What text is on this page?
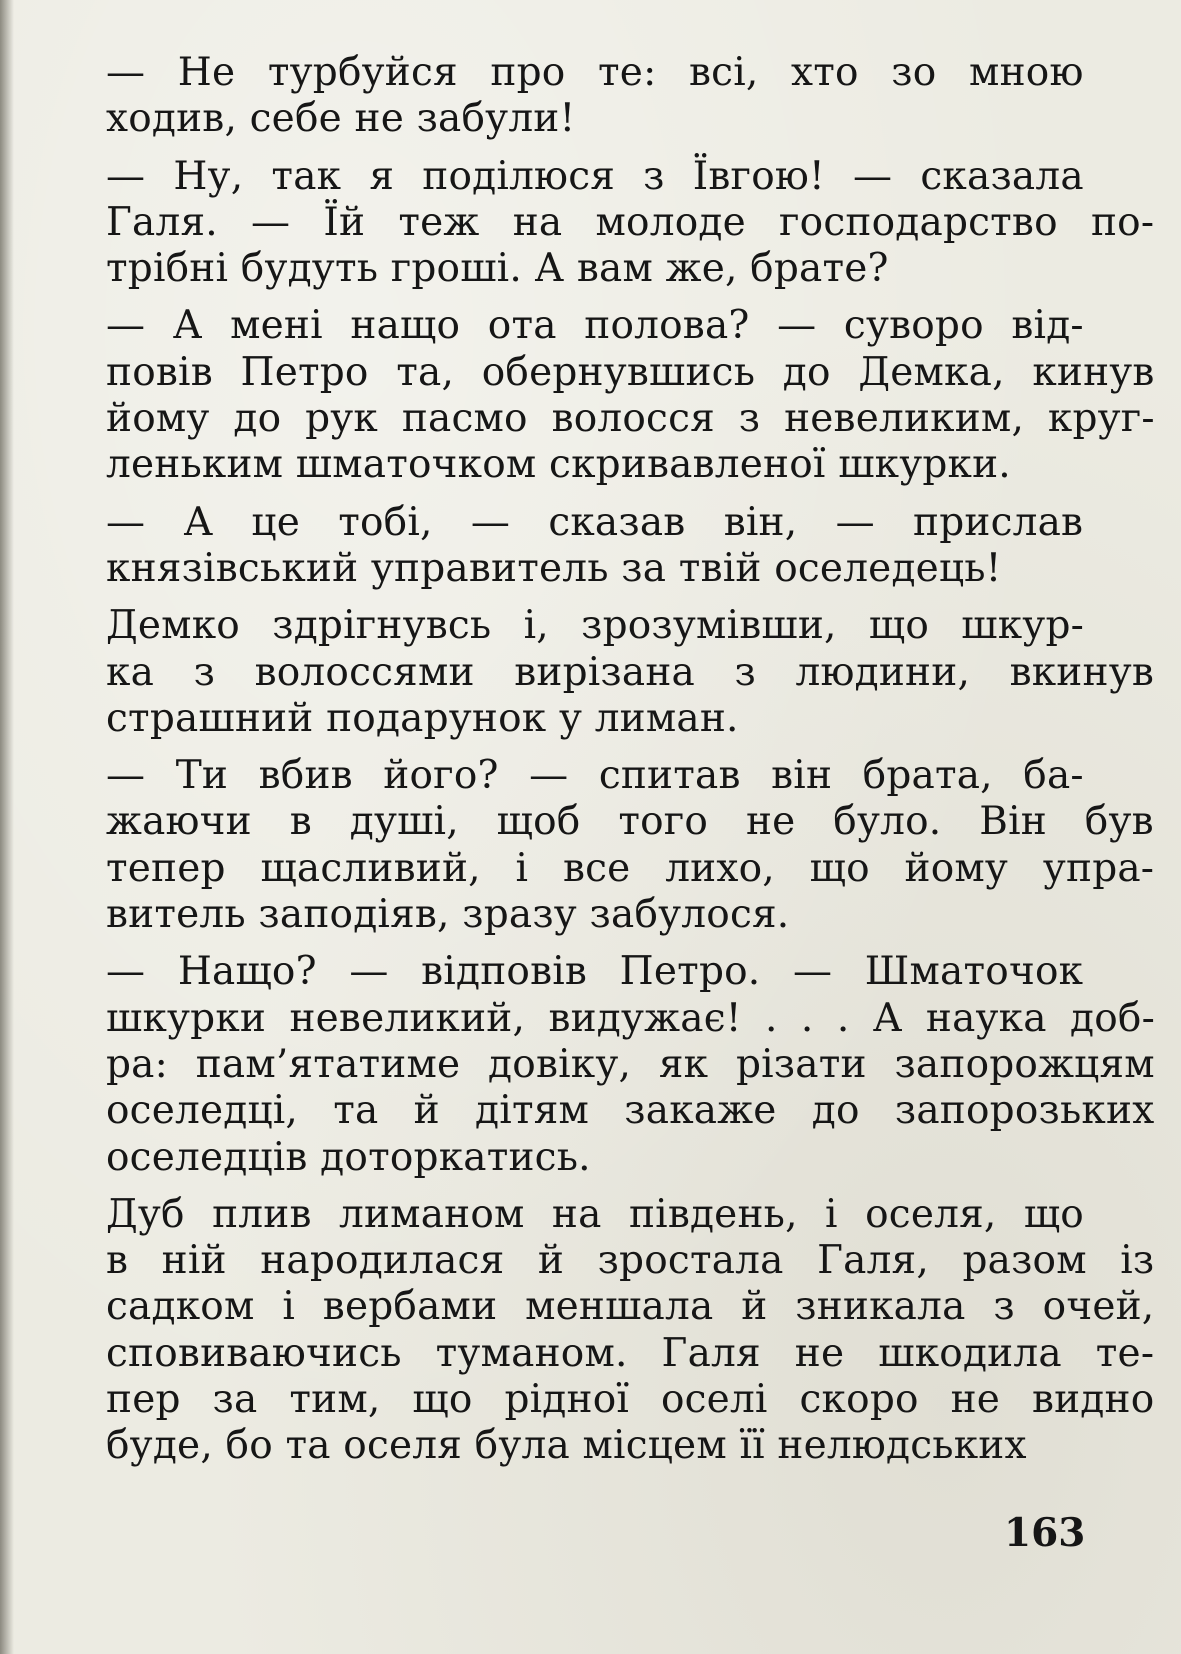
— Не турбуйся про те: всі, хто зо мною
ходив, себе не забули!
— Ну, так я поділюся з Ївгою! — сказала
Галя. — Їй теж на молоде господарство по-
трібні будуть гроші. А вам же, брате?
— А мені нащо ота полова? — суворо від-
повів Петро та, обернувшись до Демка, кинув
йому до рук пасмо волосся з невеликим, круг-
леньким шматочком скривавленої шкурки.
— А це тобі, — сказав він, — прислав
князівський управитель за твій оселедець!
Демко здрігнувсь і, зрозумівши, що шкур-
ка з волоссями вирізана з людини, вкинув
страшний подарунок у лиман.
— Ти вбив його? — спитав він брата, ба-
жаючи в душі, щоб того не було. Він був
тепер щасливий, і все лихо, що йому упра-
витель заподіяв, зразу забулося.
— Нащо? — відповів Петро. — Шматочок
шкурки невеликий, видужає! . . . А наука доб-
ра: пам’ятатиме довіку, як різати запорожцям
оселедці, та й дітям закаже до запорозьких
оселедців доторкатись.
Дуб плив лиманом на південь, і оселя, що
в ній народилася й зростала Галя, разом із
садком і вербами меншала й зникала з очей,
сповиваючись туманом. Галя не шкодила те-
пер за тим, що рідної оселі скоро не видно
буде, бо та оселя була місцем її нелюдських
163
